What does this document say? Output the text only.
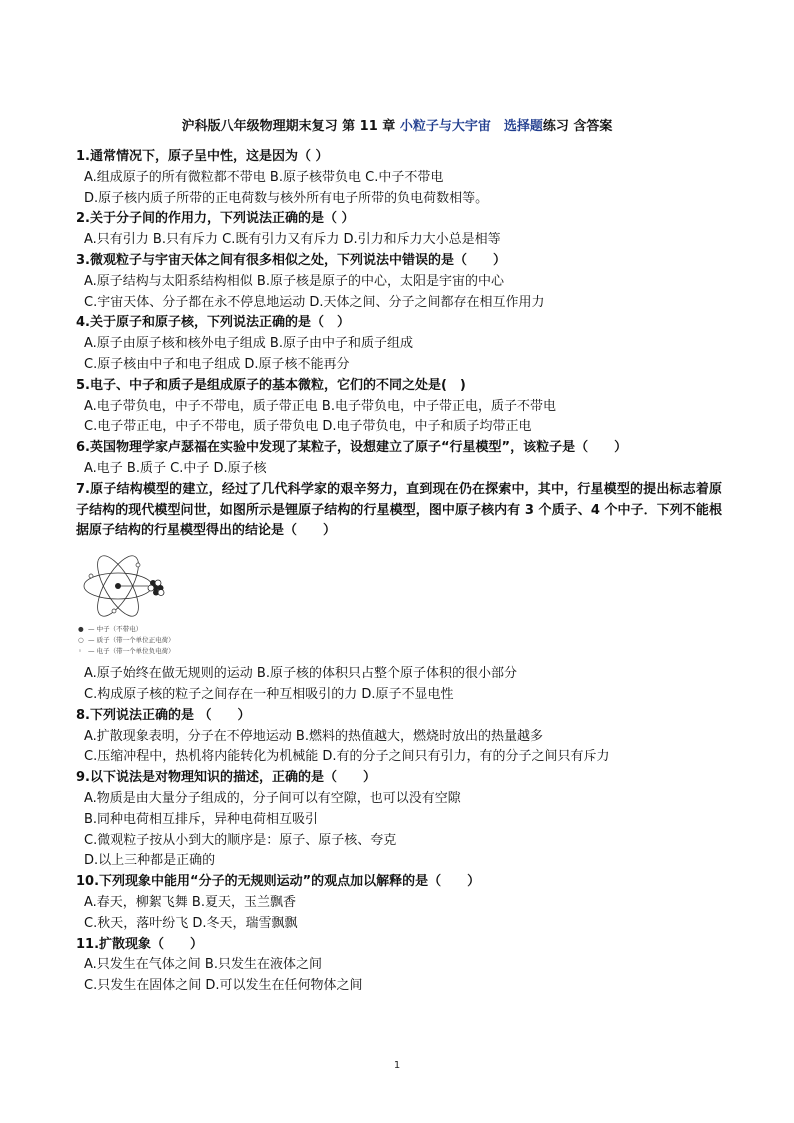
沪科版八年级物理期末复习 第 11 章 小粒子与大宇宙　选择题练习 含答案
1.通常情况下，原子呈中性，这是因为（ ）
A.组成原子的所有微粒都不带电 B.原子核带负电 C.中子不带电
D.原子核内质子所带的正电荷数与核外所有电子所带的负电荷数相等。
2.关于分子间的作用力，下列说法正确的是（ ）
A.只有引力 B.只有斥力 C.既有引力又有斥力 D.引力和斥力大小总是相等
3.微观粒子与宇宙天体之间有很多相似之处，下列说法中错误的是（　　）
A.原子结构与太阳系结构相似 B.原子核是原子的中心，太阳是宇宙的中心
C.宇宙天体、分子都在永不停息地运动 D.天体之间、分子之间都存在相互作用力
4.关于原子和原子核，下列说法正确的是（　）
A.原子由原子核和核外电子组成 B.原子由中子和质子组成
C.原子核由中子和电子组成 D.原子核不能再分
5.电子、中子和质子是组成原子的基本微粒，它们的不同之处是(　)
A.电子带负电，中子不带电，质子带正电 B.电子带负电，中子带正电，质子不带电
C.电子带正电，中子不带电，质子带负电 D.电子带负电，中子和质子均带正电
6.英国物理学家卢瑟福在实验中发现了某粒子，设想建立了原子“行星模型”，该粒子是（　　）
A.电子 B.质子 C.中子 D.原子核
7.原子结构模型的建立，经过了几代科学家的艰辛努力，直到现在仍在探索中，其中，行星模型的提出标志着原子结构的现代模型问世，如图所示是锂原子结构的行星模型，图中原子核内有 3 个质子、4 个中子．下列不能根据原子结构的行星模型得出的结论是（　　）
● — 中子（不带电）
○ — 质子（带一个单位正电荷）
◦ — 电子（带一个单位负电荷）
A.原子始终在做无规则的运动 B.原子核的体积只占整个原子体积的很小部分
C.构成原子核的粒子之间存在一种互相吸引的力 D.原子不显电性
8.下列说法正确的是 （　　）
A.扩散现象表明，分子在不停地运动 B.燃料的热值越大，燃烧时放出的热量越多
C.压缩冲程中，热机将内能转化为机械能 D.有的分子之间只有引力，有的分子之间只有斥力
9.以下说法是对物理知识的描述，正确的是（　　）
A.物质是由大量分子组成的，分子间可以有空隙，也可以没有空隙
B.同种电荷相互排斥，异种电荷相互吸引
C.微观粒子按从小到大的顺序是：原子、原子核、夸克
D.以上三种都是正确的
10.下列现象中能用“分子的无规则运动”的观点加以解释的是（　　）
A.春天，柳絮飞舞 B.夏天，玉兰飘香
C.秋天，落叶纷飞 D.冬天，瑞雪飘飘
11.扩散现象（　　）
A.只发生在气体之间 B.只发生在液体之间
C.只发生在固体之间 D.可以发生在任何物体之间
1
